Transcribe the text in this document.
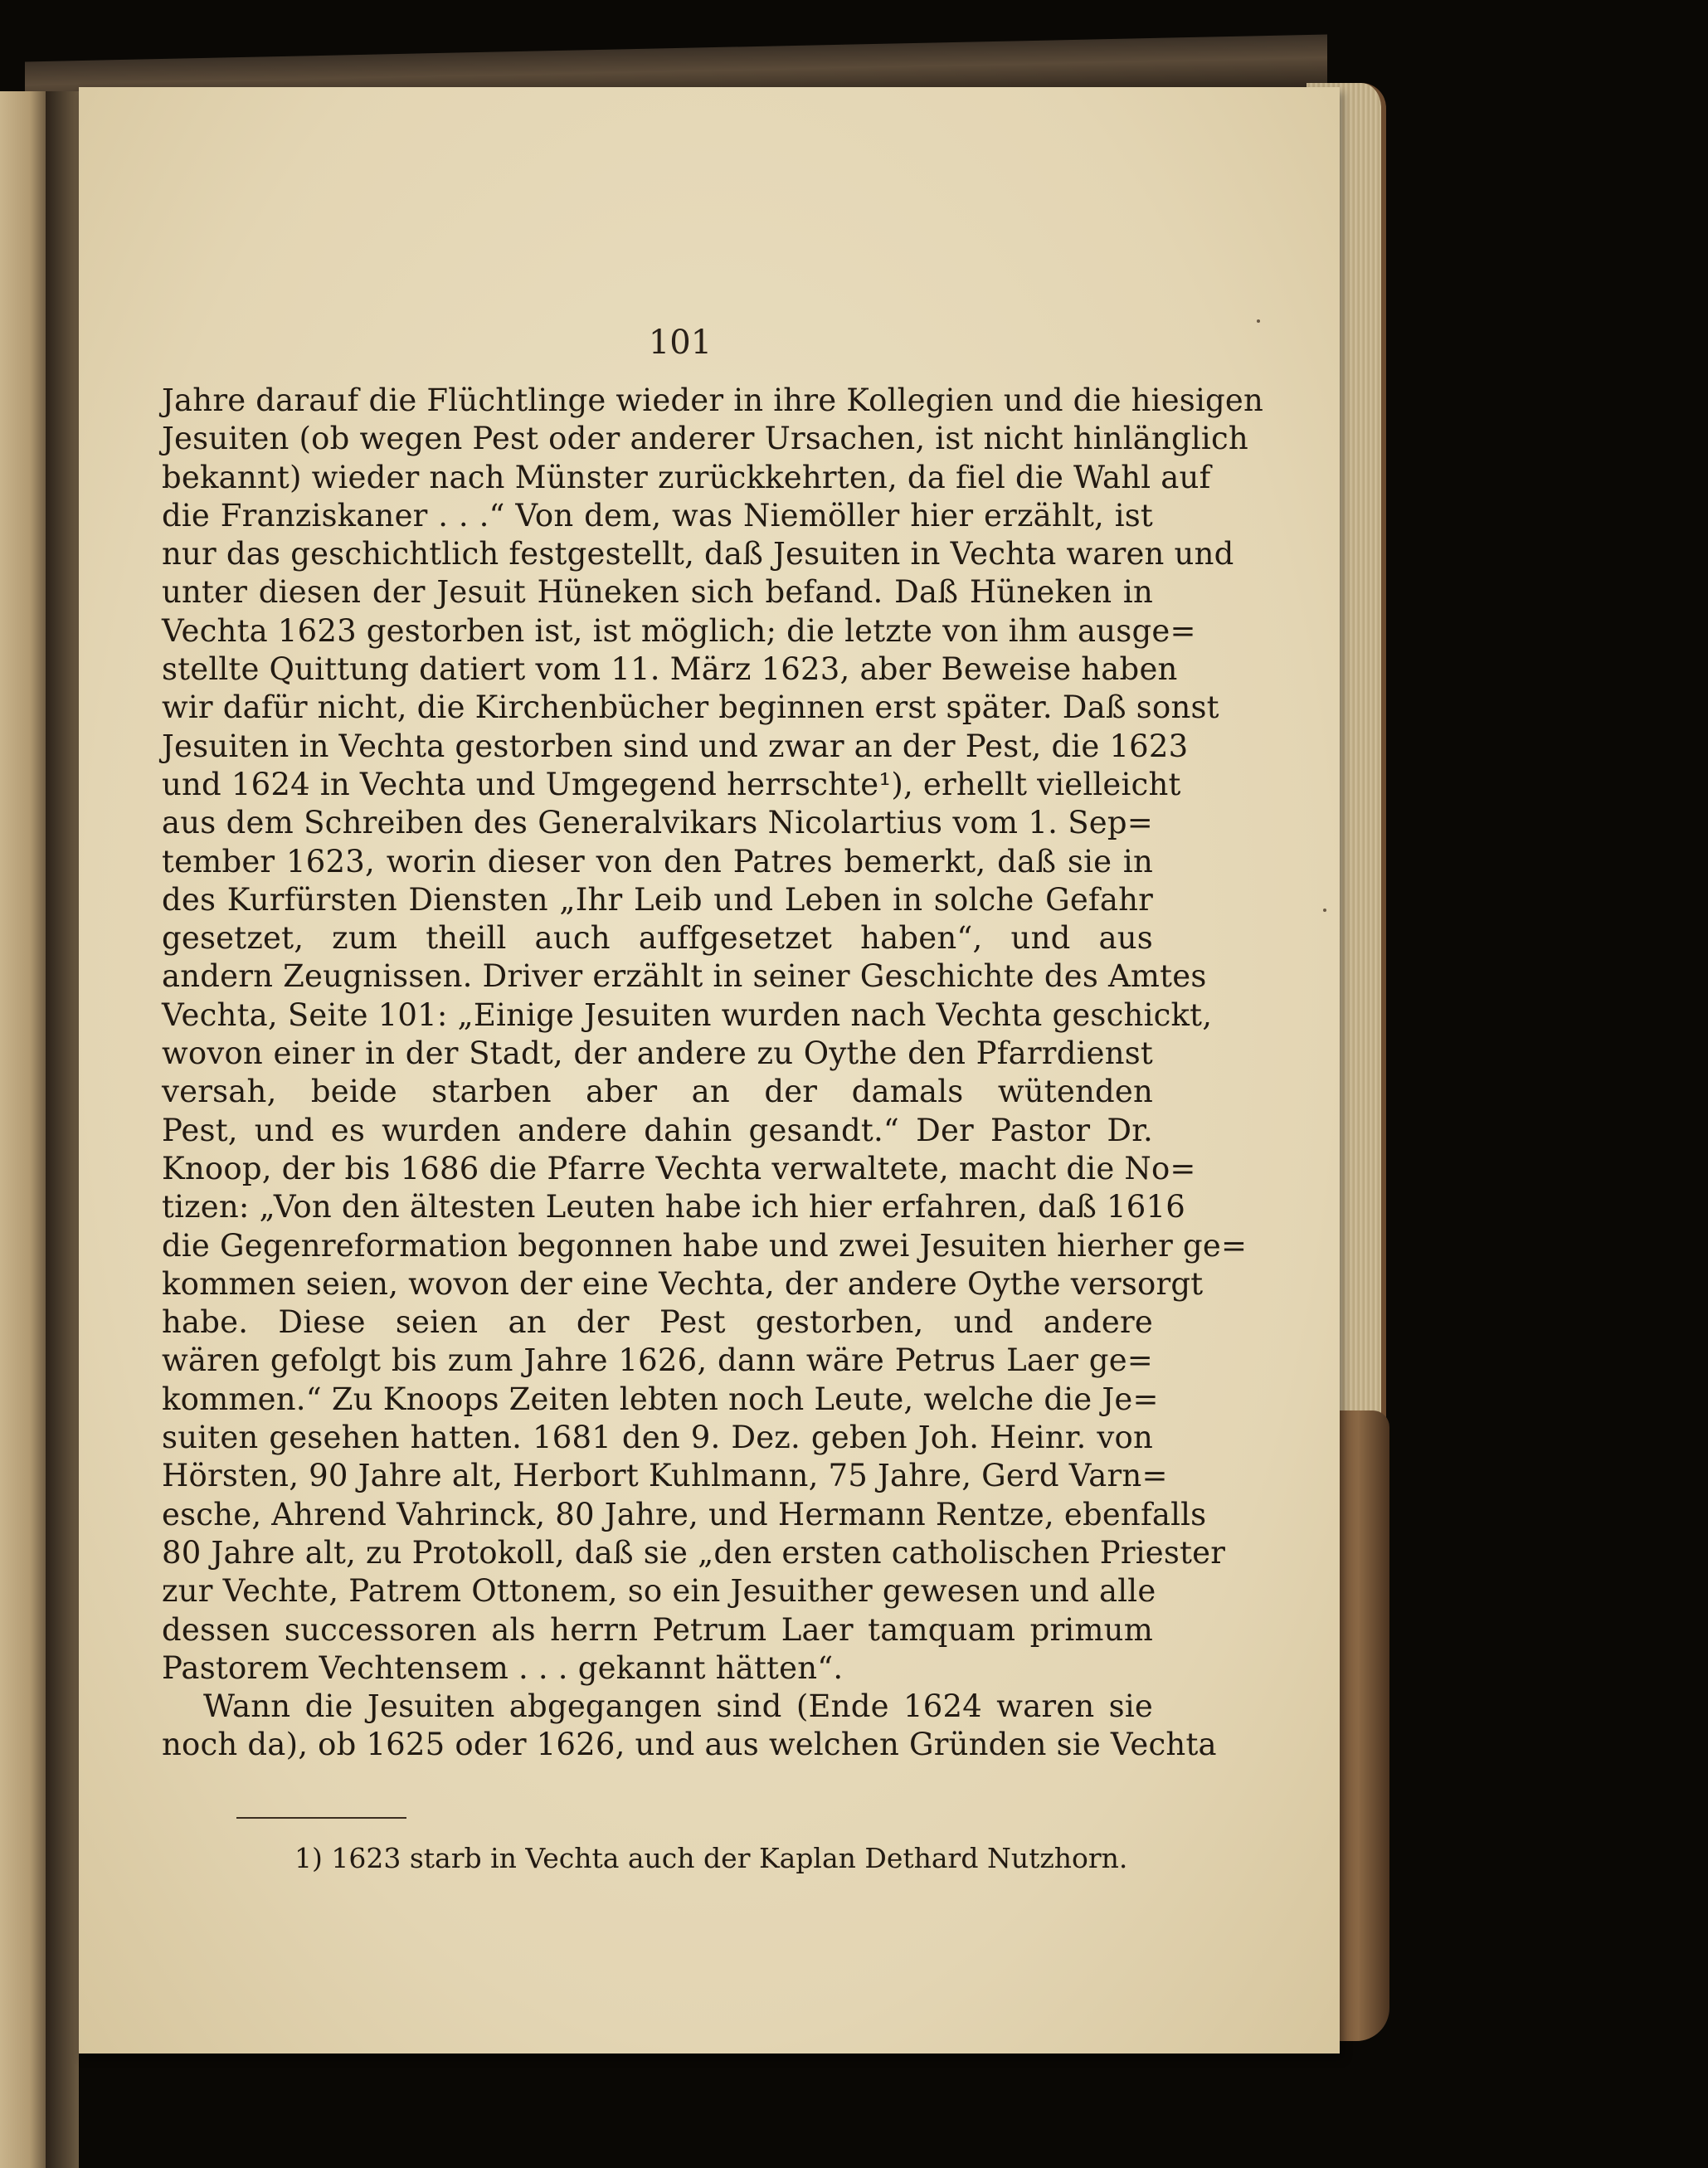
101
Jahre darauf die Flüchtlinge wieder in ihre Kollegien und die hiesigen
Jesuiten (ob wegen Pest oder anderer Ursachen, ist nicht hinlänglich
bekannt) wieder nach Münster zurückkehrten, da fiel die Wahl auf
die Franziskaner . . .“ Von dem, was Niemöller hier erzählt, ist
nur das geschichtlich festgestellt, daß Jesuiten in Vechta waren und
unter diesen der Jesuit Hüneken sich befand. Daß Hüneken in
Vechta 1623 gestorben ist, ist möglich; die letzte von ihm ausge=
stellte Quittung datiert vom 11. März 1623, aber Beweise haben
wir dafür nicht, die Kirchenbücher beginnen erst später. Daß sonst
Jesuiten in Vechta gestorben sind und zwar an der Pest, die 1623
und 1624 in Vechta und Umgegend herrschte¹), erhellt vielleicht
aus dem Schreiben des Generalvikars Nicolartius vom 1. Sep=
tember 1623, worin dieser von den Patres bemerkt, daß sie in
des Kurfürsten Diensten „Ihr Leib und Leben in solche Gefahr
gesetzet, zum theill auch auffgesetzet haben“, und aus
andern Zeugnissen. Driver erzählt in seiner Geschichte des Amtes
Vechta, Seite 101: „Einige Jesuiten wurden nach Vechta geschickt,
wovon einer in der Stadt, der andere zu Oythe den Pfarrdienst
versah, beide starben aber an der damals wütenden
Pest, und es wurden andere dahin gesandt.“ Der Pastor Dr.
Knoop, der bis 1686 die Pfarre Vechta verwaltete, macht die No=
tizen: „Von den ältesten Leuten habe ich hier erfahren, daß 1616
die Gegenreformation begonnen habe und zwei Jesuiten hierher ge=
kommen seien, wovon der eine Vechta, der andere Oythe versorgt
habe. Diese seien an der Pest gestorben, und andere
wären gefolgt bis zum Jahre 1626, dann wäre Petrus Laer ge=
kommen.“ Zu Knoops Zeiten lebten noch Leute, welche die Je=
suiten gesehen hatten. 1681 den 9. Dez. geben Joh. Heinr. von
Hörsten, 90 Jahre alt, Herbort Kuhlmann, 75 Jahre, Gerd Varn=
esche, Ahrend Vahrinck, 80 Jahre, und Hermann Rentze, ebenfalls
80 Jahre alt, zu Protokoll, daß sie „den ersten catholischen Priester
zur Vechte, Patrem Ottonem, so ein Jesuither gewesen und alle
dessen successoren als herrn Petrum Laer tamquam primum
Pastorem Vechtensem . . . gekannt hätten“.
Wann die Jesuiten abgegangen sind (Ende 1624 waren sie
noch da), ob 1625 oder 1626, und aus welchen Gründen sie Vechta
1) 1623 starb in Vechta auch der Kaplan Dethard Nutzhorn.
